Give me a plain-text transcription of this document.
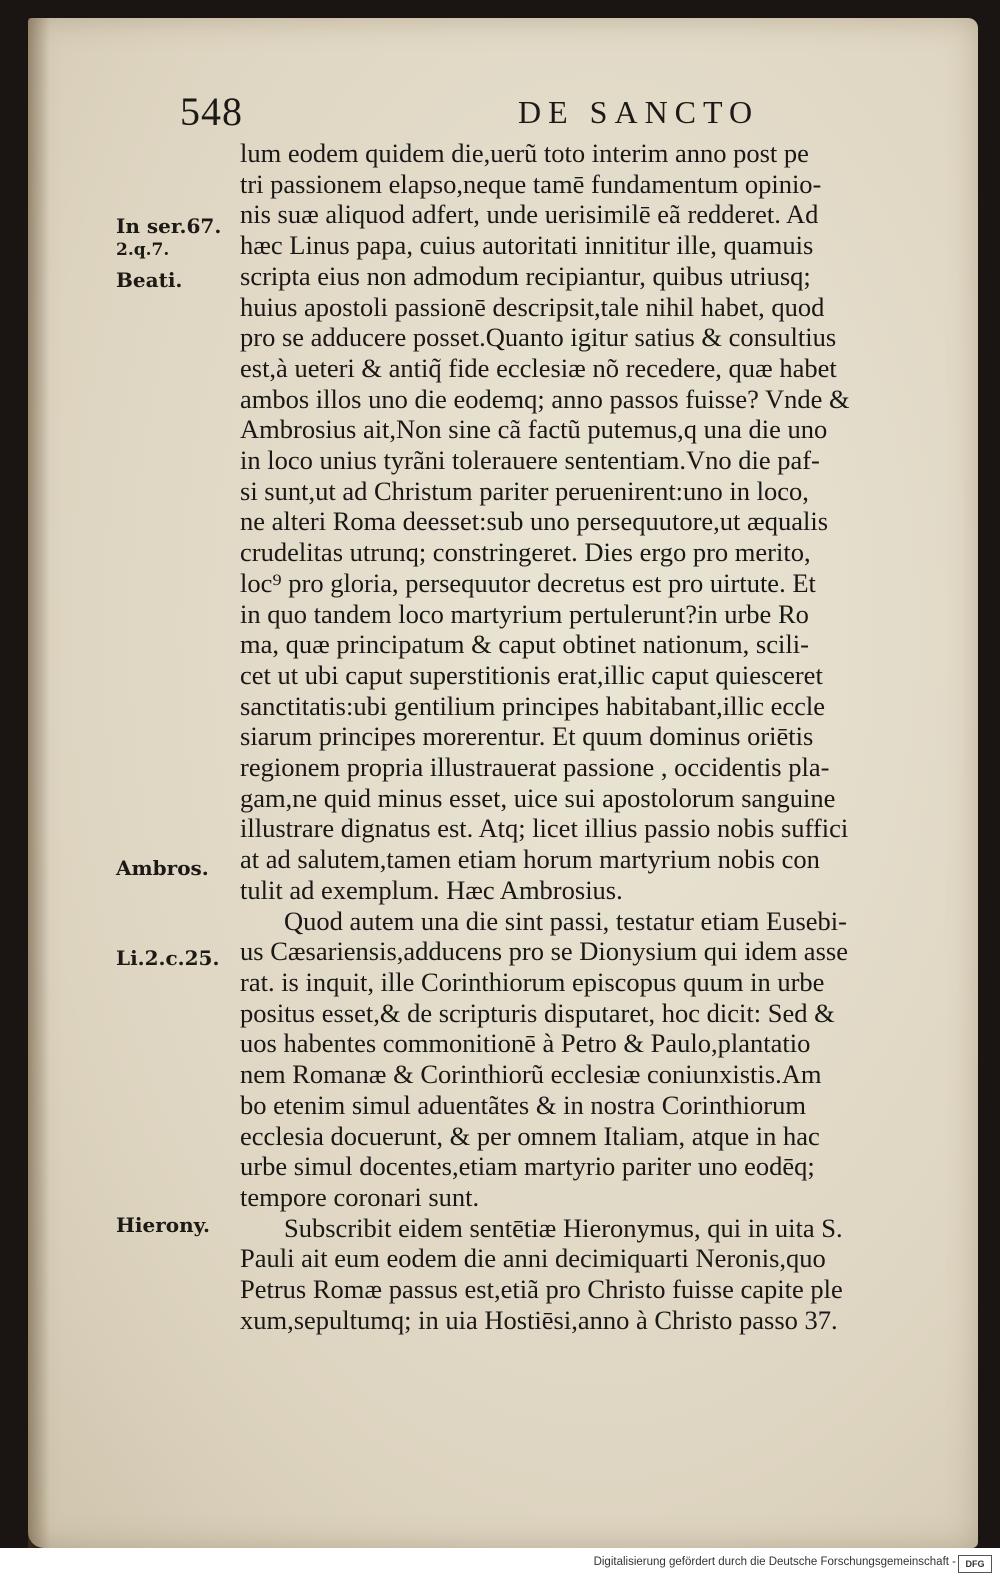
548	DE SANCTO
In ser.67.
2.q.7.
Beati.
Ambros.
Li.2.c.25.
Hierony.
lum eodem quidem die,uerũ toto interim anno post pe
tri passionem elapso,neque tamē fundamentum opinio-
nis suæ aliquod adfert, unde uerisimilē eã redderet. Ad
hæc Linus papa, cuius autoritati innititur ille, quamuis
scripta eius non admodum recipiantur, quibus utriusq;
huius apostoli passionē descripsit,tale nihil habet, quod
pro se adducere posset.Quanto igitur satius & consultius
est,à ueteri & antiq̃ fide ecclesiæ nõ recedere, quæ habet
ambos illos uno die eodemq; anno passos fuisse? Vnde &
Ambrosius ait,Non sine cã factũ putemus,q una die uno
in loco unius tyrãni tolerauere sententiam.Vno die paf-
si sunt,ut ad Christum pariter peruenirent:uno in loco,
ne alteri Roma deesset:sub uno persequutore,ut æqualis
crudelitas utrunq; constringeret. Dies ergo pro merito,
loc⁹ pro gloria, persequutor decretus est pro uirtute. Et
in quo tandem loco martyrium pertulerunt?in urbe Ro
ma, quæ principatum & caput obtinet nationum, scili-
cet ut ubi caput superstitionis erat,illic caput quiesceret
sanctitatis:ubi gentilium principes habitabant,illic eccle
siarum principes morerentur. Et quum dominus oriētis
regionem propria illustrauerat passione , occidentis pla-
gam,ne quid minus esset, uice sui apostolorum sanguine
illustrare dignatus est. Atq; licet illius passio nobis suffici
at ad salutem,tamen etiam horum martyrium nobis con
tulit ad exemplum. Hæc Ambrosius.
Quod autem una die sint passi, testatur etiam Eusebi-
us Cæsariensis,adducens pro se Dionysium qui idem asse
rat. is inquit, ille Corinthiorum episcopus quum in urbe
positus esset,& de scripturis disputaret, hoc dicit: Sed &
uos habentes commonitionē à Petro & Paulo,plantatio
nem Romanæ & Corinthiorũ ecclesiæ coniunxistis.Am
bo etenim simul aduentãtes & in nostra Corinthiorum
ecclesia docuerunt, & per omnem Italiam, atque in hac
urbe simul docentes,etiam martyrio pariter uno eodēq;
tempore coronari sunt.
Subscribit eidem sentētiæ Hieronymus, qui in uita S.
Pauli ait eum eodem die anni decimiquarti Neronis,quo
Petrus Romæ passus est,etiã pro Christo fuisse capite ple
xum,sepultumq; in uia Hostiēsi,anno à Christo passo 37.
Digitalisierung gefördert durch die Deutsche Forschungsgemeinschaft -	DFG
